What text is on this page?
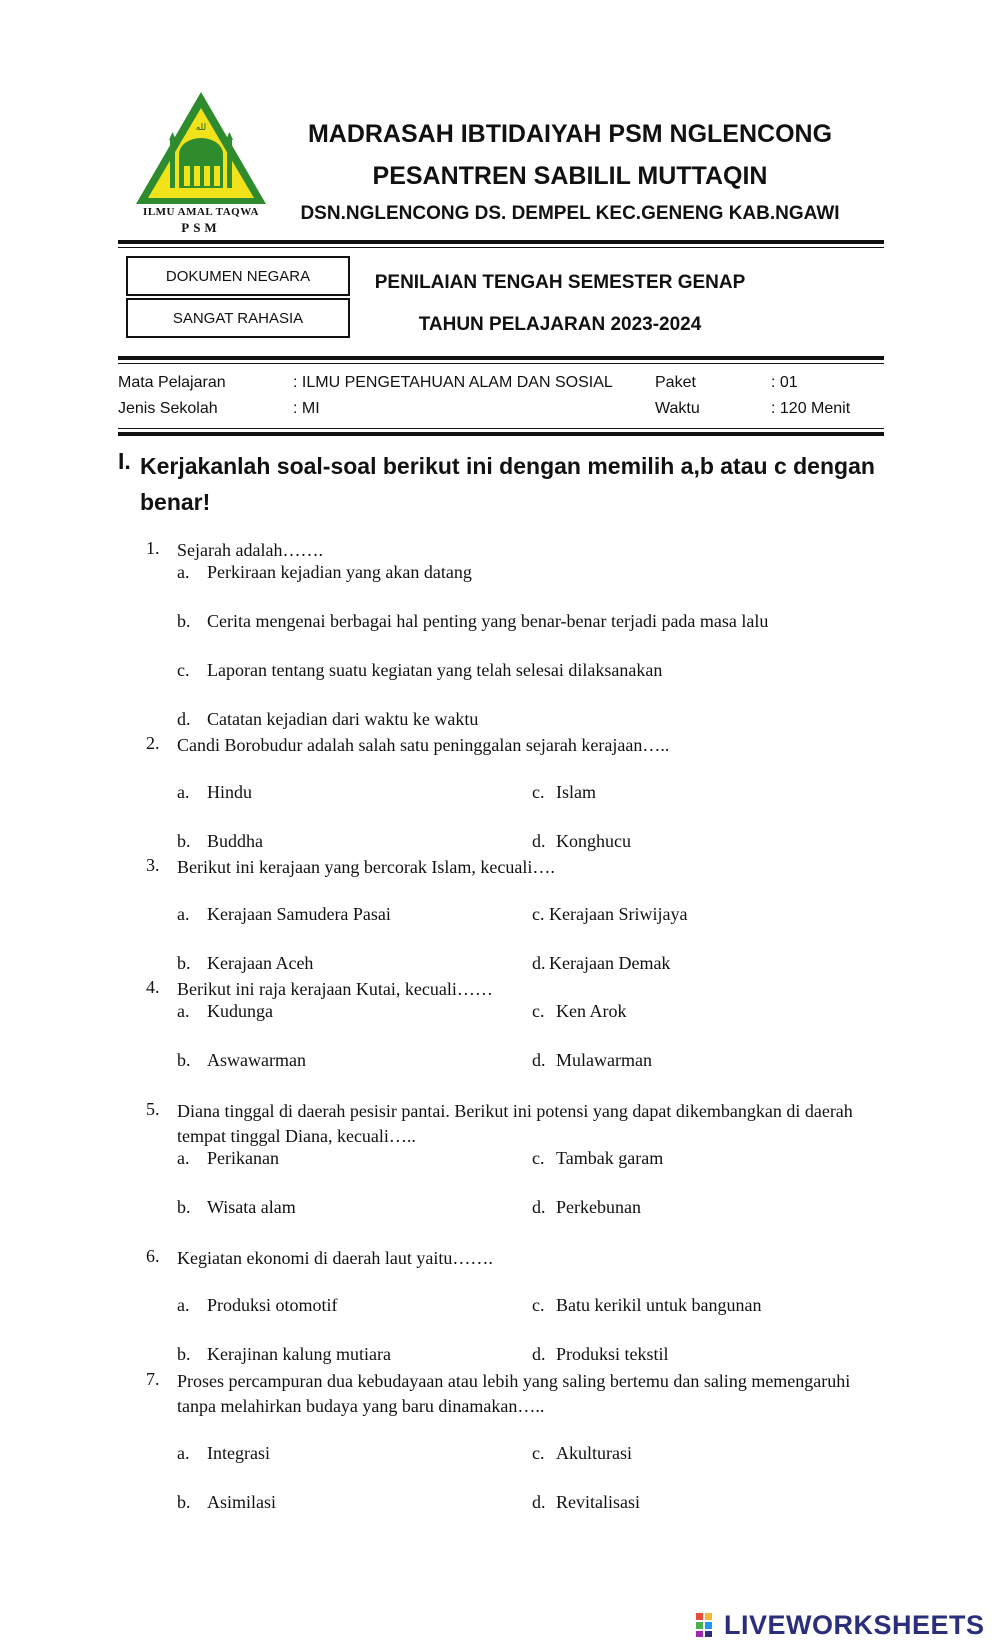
لله
ILMU AMAL TAQWA
PSM
MADRASAH IBTIDAIYAH PSM NGLENCONG
PESANTREN SABILIL MUTTAQIN
DSN.NGLENCONG DS. DEMPEL KEC.GENENG KAB.NGAWI
DOKUMEN NEGARA
SANGAT RAHASIA
PENILAIAN TENGAH SEMESTER GENAP
TAHUN PELAJARAN 2023-2024
Mata Pelajaran	: ILMU PENGETAHUAN ALAM DAN SOSIAL	Paket	: 01
Jenis Sekolah	: MI	Waktu	: 120 Menit
I. Kerjakanlah soal-soal berikut ini dengan memilih a,b atau c dengan benar!
1. Sejarah adalah…….
a. Perkiraan kejadian yang akan datang
b. Cerita mengenai berbagai hal penting yang benar-benar terjadi pada masa lalu
c. Laporan tentang suatu kegiatan yang telah selesai dilaksanakan
d. Catatan kejadian dari waktu ke waktu
2. Candi Borobudur adalah salah satu peninggalan sejarah kerajaan…..
a. Hindu	c. Islam
b. Buddha	d. Konghucu
3. Berikut ini kerajaan yang bercorak Islam, kecuali….
a. Kerajaan Samudera Pasai	c. Kerajaan Sriwijaya
b. Kerajaan Aceh	d. Kerajaan Demak
4. Berikut ini raja kerajaan Kutai, kecuali……
a. Kudunga	c. Ken Arok
b. Aswawarman	d. Mulawarman
5. Diana tinggal di daerah pesisir pantai. Berikut ini potensi yang dapat dikembangkan di daerah tempat tinggal Diana, kecuali…..
a. Perikanan	c. Tambak garam
b. Wisata alam	d. Perkebunan
6. Kegiatan ekonomi di daerah laut yaitu…….
a. Produksi otomotif	c. Batu kerikil untuk bangunan
b. Kerajinan kalung mutiara	d. Produksi tekstil
7. Proses percampuran dua kebudayaan atau lebih yang saling bertemu dan saling memengaruhi tanpa melahirkan budaya yang baru dinamakan…..
a. Integrasi	c. Akulturasi
b. Asimilasi	d. Revitalisasi
LIVEWORKSHEETS
